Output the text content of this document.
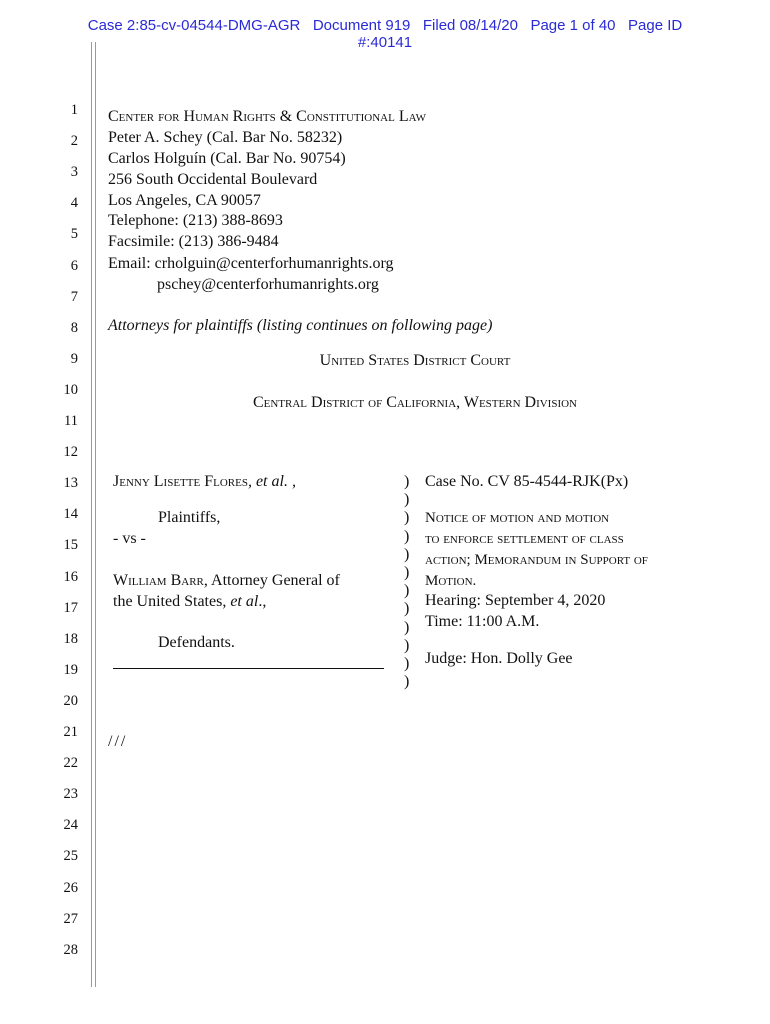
Case 2:85-cv-04544-DMG-AGR   Document 919   Filed 08/14/20   Page 1 of 40   Page ID
#:40141
1
2
3
4
5
6
7
8
9
10
11
12
13
14
15
16
17
18
19
20
21
22
23
24
25
26
27
28
Center for Human Rights & Constitutional Law
Peter A. Schey (Cal. Bar No. 58232)
Carlos Holguín (Cal. Bar No. 90754)
256 South Occidental Boulevard
Los Angeles, CA 90057
Telephone: (213) 388-8693
Facsimile: (213) 386-9484
Email: crholguin@centerforhumanrights.org
pschey@centerforhumanrights.org
Attorneys for plaintiffs (listing continues on following page)
United States District Court
Central District of California, Western Division
Jenny Lisette Flores, et al. ,
Plaintiffs,
- vs -
William Barr, Attorney General of
the United States, et al.,
Defendants.
)
)
)
)
)
)
)
)
)
)
)
)
Case No. CV 85-4544-RJK(Px)
Notice of motion and motion
to enforce settlement of class
action; Memorandum in Support of
Motion.
Hearing: September 4, 2020
Time: 11:00 A.M.
Judge: Hon. Dolly Gee
///
